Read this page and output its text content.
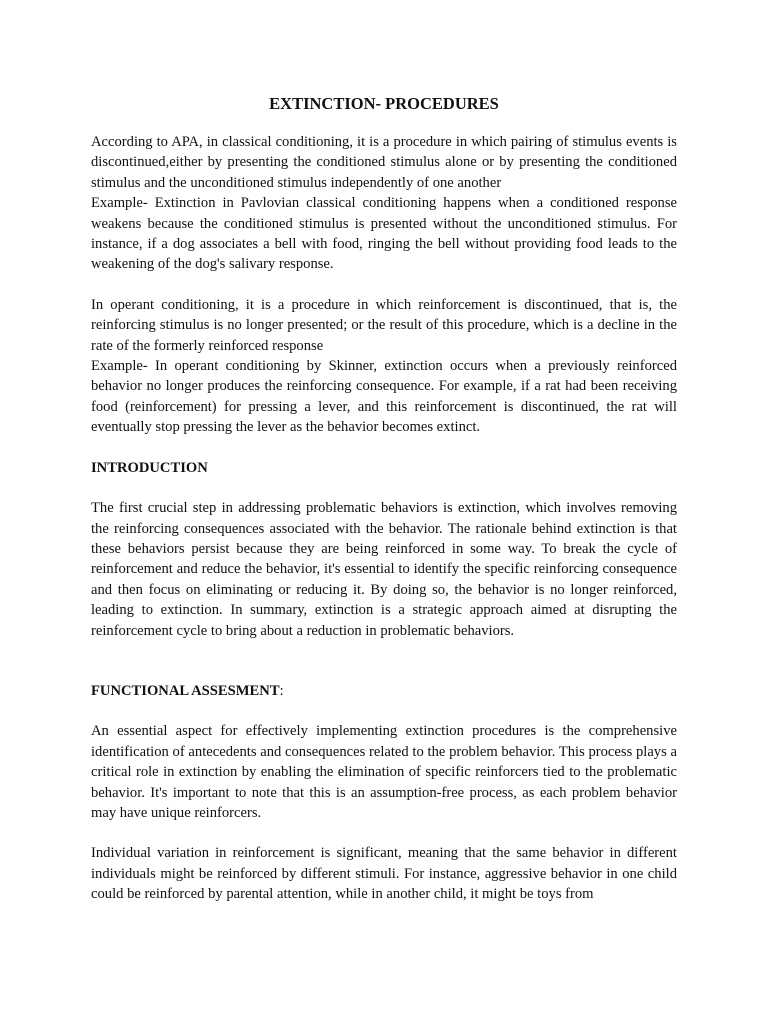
EXTINCTION- PROCEDURES

According to APA, in classical conditioning, it is a procedure in which pairing of stimulus events is discontinued,either by presenting the conditioned stimulus alone or by presenting the conditioned stimulus and the unconditioned stimulus independently of one another

Example- Extinction in Pavlovian classical conditioning happens when a conditioned response weakens because the conditioned stimulus is presented without the unconditioned stimulus. For instance, if a dog associates a bell with food, ringing the bell without providing food leads to the weakening of the dog's salivary response.

In operant conditioning, it is a procedure in which reinforcement is discontinued, that is, the reinforcing stimulus is no longer presented; or the result of this procedure, which is a decline in the rate of the formerly reinforced response

Example- In operant conditioning by Skinner, extinction occurs when a previously reinforced behavior no longer produces the reinforcing consequence. For example, if a rat had been receiving food (reinforcement) for pressing a lever, and this reinforcement is discontinued, the rat will eventually stop pressing the lever as the behavior becomes extinct.

INTRODUCTION

The first crucial step in addressing problematic behaviors is extinction, which involves removing the reinforcing consequences associated with the behavior. The rationale behind extinction is that these behaviors persist because they are being reinforced in some way. To break the cycle of reinforcement and reduce the behavior, it's essential to identify the specific reinforcing consequence and then focus on eliminating or reducing it. By doing so, the behavior is no longer reinforced, leading to extinction. In summary, extinction is a strategic approach aimed at disrupting the reinforcement cycle to bring about a reduction in problematic behaviors.

FUNCTIONAL ASSESMENT:

An essential aspect for effectively implementing extinction procedures is the comprehensive identification of antecedents and consequences related to the problem behavior. This process plays a critical role in extinction by enabling the elimination of specific reinforcers tied to the problematic behavior. It's important to note that this is an assumption-free process, as each problem behavior may have unique reinforcers.

Individual variation in reinforcement is significant, meaning that the same behavior in different individuals might be reinforced by different stimuli. For instance, aggressive behavior in one child could be reinforced by parental attention, while in another child, it might be toys from
